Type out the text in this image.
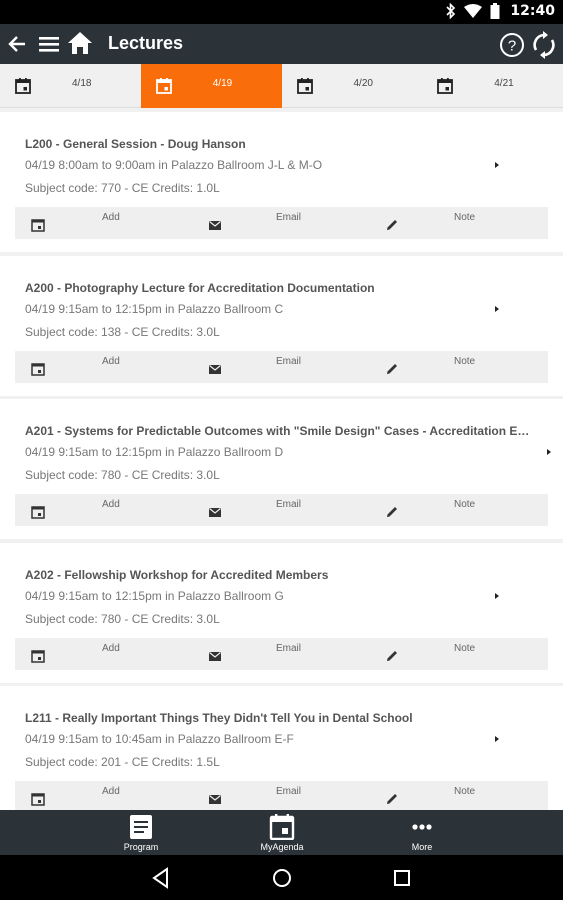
12:40
Lectures	?
4/18	4/19	4/20	4/21
L200 - General Session - Doug Hanson
04/19 8:00am to 9:00am in Palazzo Ballroom J-L & M-O
Subject code: 770 - CE Credits: 1.0L
Add	Email	Note
A200 - Photography Lecture for Accreditation Documentation
04/19 9:15am to 12:15pm in Palazzo Ballroom C
Subject code: 138 - CE Credits: 3.0L
Add	Email	Note
A201 - Systems for Predictable Outcomes with "Smile Design" Cases - Accreditation E…
04/19 9:15am to 12:15pm in Palazzo Ballroom D
Subject code: 780 - CE Credits: 3.0L
Add	Email	Note
A202 - Fellowship Workshop for Accredited Members
04/19 9:15am to 12:15pm in Palazzo Ballroom G
Subject code: 780 - CE Credits: 3.0L
Add	Email	Note
L211 - Really Important Things They Didn't Tell You in Dental School
04/19 9:15am to 10:45am in Palazzo Ballroom E-F
Subject code: 201 - CE Credits: 1.5L
Add	Email	Note
Program	MyAgenda	More
